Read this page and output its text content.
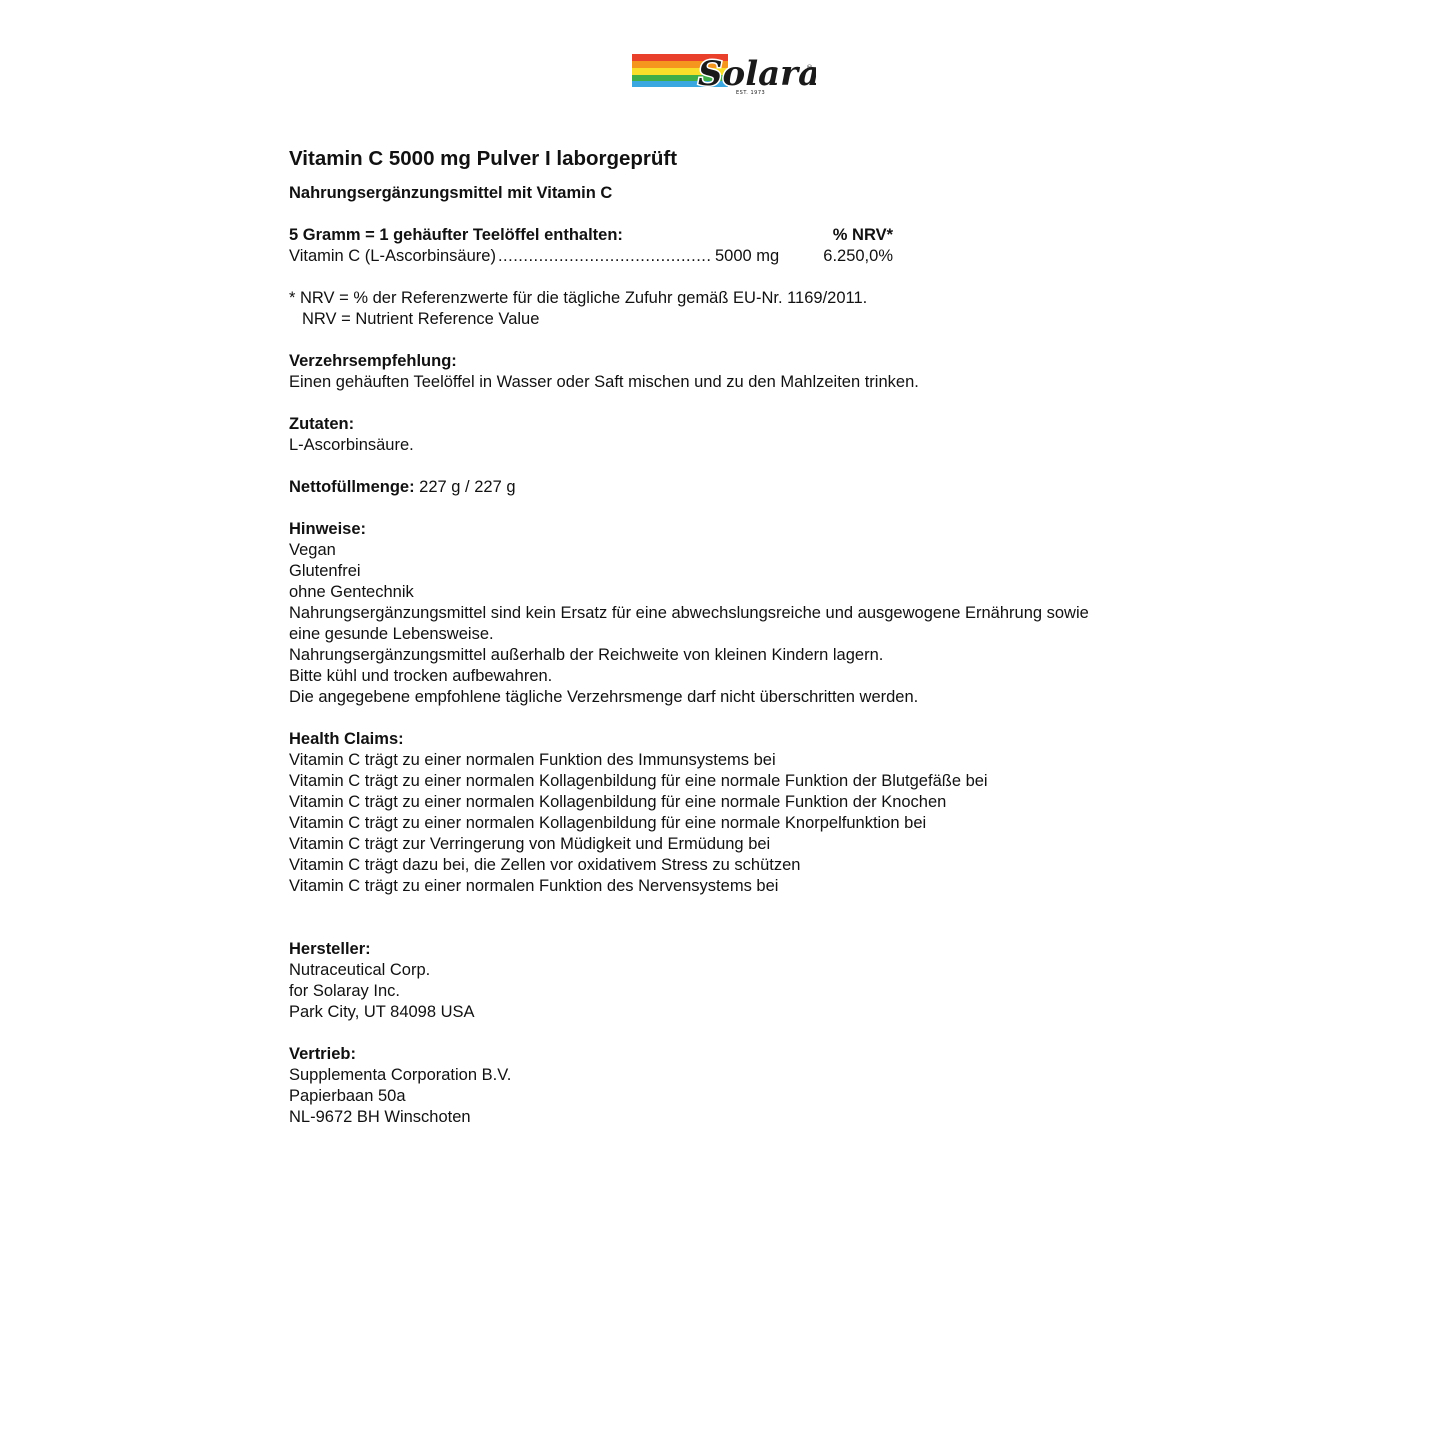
Solar	®
EST. 1973
Vitamin C 5000 mg Pulver I laborgeprüft
Nahrungsergänzungsmittel mit Vitamin C
5 Gramm = 1 gehäufter Teelöffel enthalten:	% NRV*
Vitamin C (L-Ascorbinsäure)
.....	5000 mg	6.250,0%
* NRV = % der Referenzwerte für die tägliche Zufuhr gemäß EU-Nr. 1169/2011.
NRV = Nutrient Reference Value
Verzehrsempfehlung:
Einen gehäuften Teelöffel in Wasser oder Saft mischen und zu den Mahlzeiten trinken.
Zutaten:
L-Ascorbinsäure.
Nettofüllmenge: 227 g / 227 g
Hinweise:
Vegan
Glutenfrei
ohne Gentechnik
Nahrungsergänzungsmittel sind kein Ersatz für eine abwechslungsreiche und ausgewogene Ernährung sowie
eine gesunde Lebensweise.
Nahrungsergänzungsmittel außerhalb der Reichweite von kleinen Kindern lagern.
Bitte kühl und trocken aufbewahren.
Die angegebene empfohlene tägliche Verzehrsmenge darf nicht überschritten werden.
Health Claims:
Vitamin C trägt zu einer normalen Funktion des Immunsystems bei
Vitamin C trägt zu einer normalen Kollagenbildung für eine normale Funktion der Blutgefäße bei
Vitamin C trägt zu einer normalen Kollagenbildung für eine normale Funktion der Knochen
Vitamin C trägt zu einer normalen Kollagenbildung für eine normale Knorpelfunktion bei
Vitamin C trägt zur Verringerung von Müdigkeit und Ermüdung bei
Vitamin C trägt dazu bei, die Zellen vor oxidativem Stress zu schützen
Vitamin C trägt zu einer normalen Funktion des Nervensystems bei
Hersteller:
Nutraceutical Corp.
for Solaray Inc.
Park City, UT 84098 USA
Vertrieb:
Supplementa Corporation B.V.
Papierbaan 50a
NL-9672 BH Winschoten
